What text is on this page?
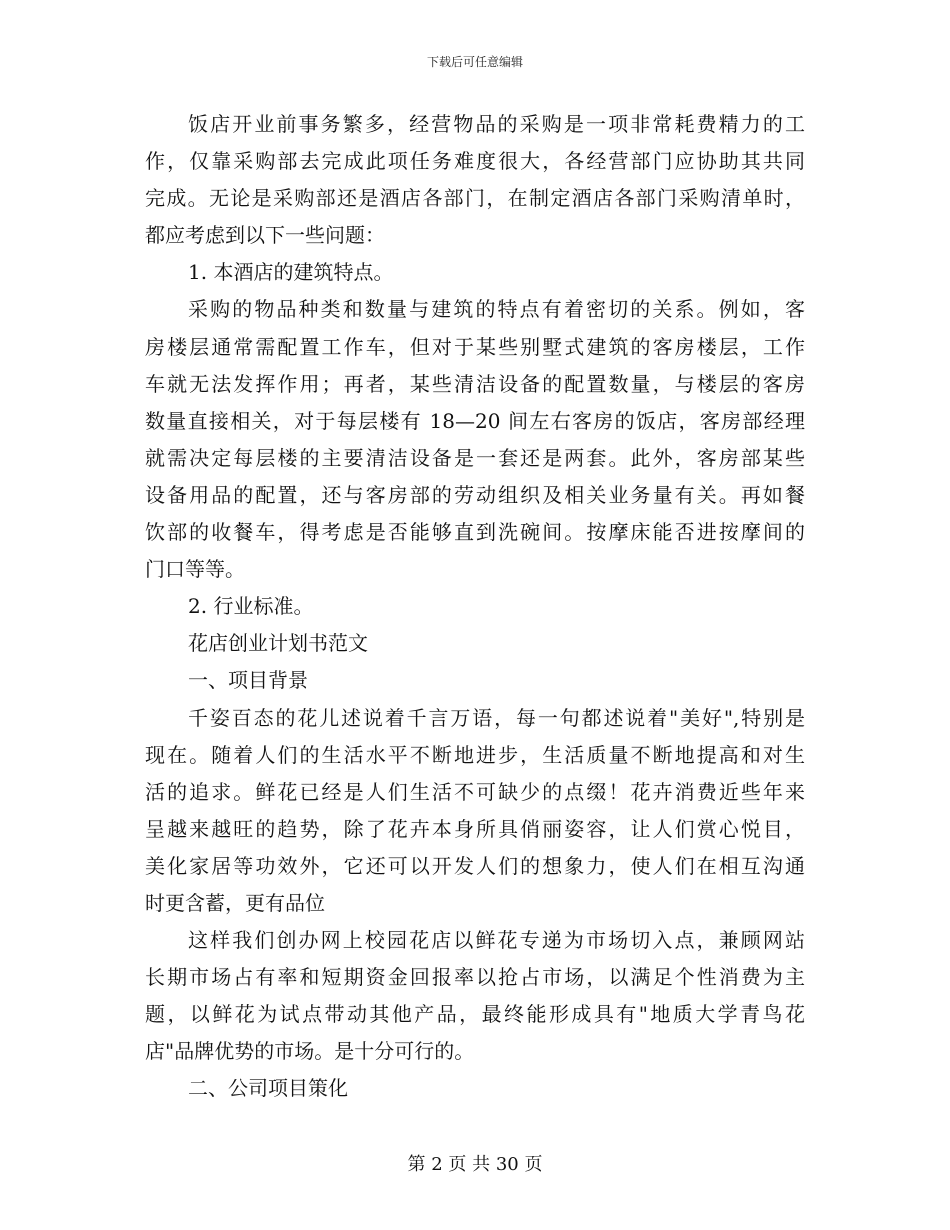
下载后可任意编辑
饭店开业前事务繁多，经营物品的采购是一项非常耗费精力的工
作，仅靠采购部去完成此项任务难度很大，各经营部门应协助其共同
完成。无论是采购部还是酒店各部门，在制定酒店各部门采购清单时，
都应考虑到以下一些问题：
1. 本酒店的建筑特点。
采购的物品种类和数量与建筑的特点有着密切的关系。例如，客
房楼层通常需配置工作车，但对于某些别墅式建筑的客房楼层，工作
车就无法发挥作用；再者，某些清洁设备的配置数量，与楼层的客房
数量直接相关，对于每层楼有 18—20 间左右客房的饭店，客房部经理
就需决定每层楼的主要清洁设备是一套还是两套。此外，客房部某些
设备用品的配置，还与客房部的劳动组织及相关业务量有关。再如餐
饮部的收餐车，得考虑是否能够直到洗碗间。按摩床能否进按摩间的
门口等等。
2. 行业标准。
花店创业计划书范文
一、项目背景
千姿百态的花儿述说着千言万语，每一句都述说着"美好",特别是
现在。随着人们的生活水平不断地进步，生活质量不断地提高和对生
活的追求。鲜花已经是人们生活不可缺少的点缀！花卉消费近些年来
呈越来越旺的趋势，除了花卉本身所具俏丽姿容，让人们赏心悦目，
美化家居等功效外，它还可以开发人们的想象力，使人们在相互沟通
时更含蓄，更有品位
这样我们创办网上校园花店以鲜花专递为市场切入点，兼顾网站
长期市场占有率和短期资金回报率以抢占市场，以满足个性消费为主
题，以鲜花为试点带动其他产品，最终能形成具有"地质大学青鸟花
店"品牌优势的市场。是十分可行的。
二、公司项目策化
第 2 页 共 30 页
